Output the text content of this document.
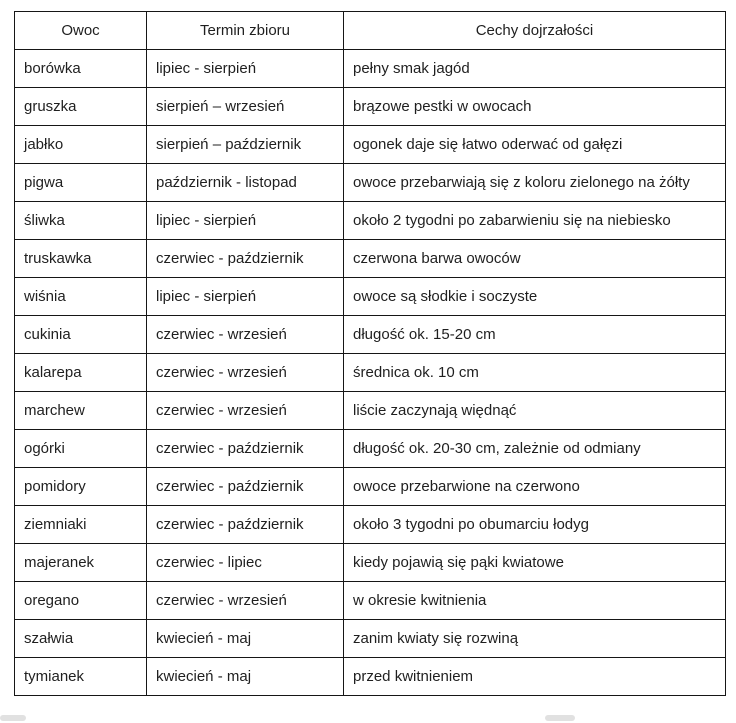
Owoc	Termin zbioru	Cechy dojrzałości
borówka	lipiec - sierpień	pełny smak jagód
gruszka	sierpień – wrzesień	brązowe pestki w owocach
jabłko	sierpień – październik	ogonek daje się łatwo oderwać od gałęzi
pigwa	październik - listopad	owoce przebarwiają się z koloru zielonego na żółty
śliwka	lipiec - sierpień	około 2 tygodni po zabarwieniu się na niebiesko
truskawka	czerwiec - październik	czerwona barwa owoców
wiśnia	lipiec - sierpień	owoce są słodkie i soczyste
cukinia	czerwiec - wrzesień	długość ok. 15-20 cm
kalarepa	czerwiec - wrzesień	średnica ok. 10 cm
marchew	czerwiec - wrzesień	liście zaczynają więdnąć
ogórki	czerwiec - październik	długość ok. 20-30 cm, zależnie od odmiany
pomidory	czerwiec - październik	owoce przebarwione na czerwono
ziemniaki	czerwiec - październik	około 3 tygodni po obumarciu łodyg
majeranek	czerwiec - lipiec	kiedy pojawią się pąki kwiatowe
oregano	czerwiec - wrzesień	w okresie kwitnienia
szałwia	kwiecień - maj	zanim kwiaty się rozwiną
tymianek	kwiecień - maj	przed kwitnieniem
